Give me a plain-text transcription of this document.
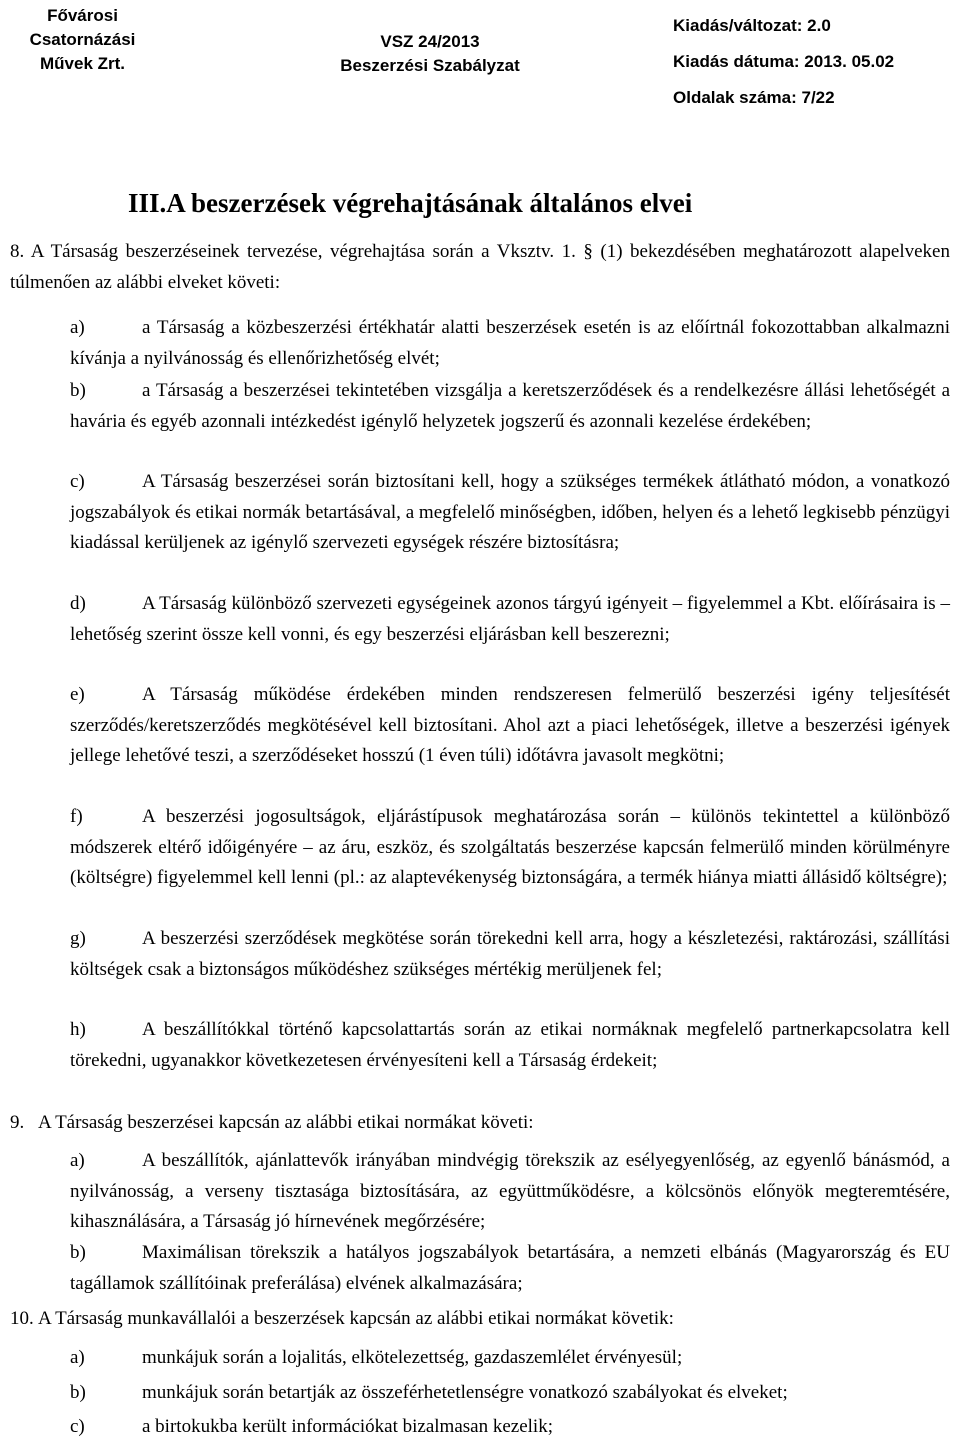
Fővárosi
Csatornázási
Művek Zrt.
VSZ 24/2013
Beszerzési Szabályzat
Kiadás/változat: 2.0
Kiadás dátuma: 2013. 05.02
Oldalak száma: 7/22
III.A beszerzések végrehajtásának általános elvei
8. A Társaság beszerzéseinek tervezése, végrehajtása során a Vksztv. 1. § (1) bekezdésében meghatározott alapelveken túlmenően az alábbi elveket követi:
a)	a Társaság a közbeszerzési értékhatár alatti beszerzések esetén is az előírtnál fokozottabban alkalmazni kívánja a nyilvánosság és ellenőrizhetőség elvét;
b)	a Társaság a beszerzései tekintetében vizsgálja a keretszerződések és a rendelkezésre állási lehetőségét a havária és egyéb azonnali intézkedést igénylő helyzetek jogszerű és azonnali kezelése érdekében;
c)	A Társaság beszerzései során biztosítani kell, hogy a szükséges termékek átlátható módon, a vonatkozó jogszabályok és etikai normák betartásával, a megfelelő minőségben, időben, helyen és a lehető legkisebb pénzügyi kiadással kerüljenek az igénylő szervezeti egységek részére biztosításra;
d)	A Társaság különböző szervezeti egységeinek azonos tárgyú igényeit – figyelemmel a Kbt. előírásaira is – lehetőség szerint össze kell vonni, és egy beszerzési eljárásban kell beszerezni;
e)	A Társaság működése érdekében minden rendszeresen felmerülő beszerzési igény teljesítését szerződés/keretszerződés megkötésével kell biztosítani. Ahol azt a piaci lehetőségek, illetve a beszerzési igények jellege lehetővé teszi, a szerződéseket hosszú (1 éven túli) időtávra javasolt megkötni;
f)	A beszerzési jogosultságok, eljárástípusok meghatározása során – különös tekintettel a különböző módszerek eltérő időigényére – az áru, eszköz, és szolgáltatás beszerzése kapcsán felmerülő minden körülményre (költségre) figyelemmel kell lenni (pl.: az alaptevékenység biztonságára, a termék hiánya miatti állásidő költségre);
g)	A beszerzési szerződések megkötése során törekedni kell arra, hogy a készletezési, raktározási, szállítási költségek csak a biztonságos működéshez szükséges mértékig merüljenek fel;
h)	A beszállítókkal történő kapcsolattartás során az etikai normáknak megfelelő partnerkapcsolatra kell törekedni, ugyanakkor következetesen érvényesíteni kell a Társaság érdekeit;
9. A Társaság beszerzései kapcsán az alábbi etikai normákat követi:
a)	A beszállítók, ajánlattevők irányában mindvégig törekszik az esélyegyenlőség, az egyenlő bánásmód, a nyilvánosság, a verseny tisztasága biztosítására, az együttműködésre, a kölcsönös előnyök megteremtésére, kihasználására, a Társaság jó hírnevének megőrzésére;
b)	Maximálisan törekszik a hatályos jogszabályok betartására, a nemzeti elbánás (Magyarország és EU tagállamok szállítóinak preferálása) elvének alkalmazására;
10. A Társaság munkavállalói a beszerzések kapcsán az alábbi etikai normákat követik:
a)	munkájuk során a lojalitás, elkötelezettség, gazdaszemlélet érvényesül;
b)	munkájuk során betartják az összeférhetetlenségre vonatkozó szabályokat és elveket;
c)	a birtokukba került információkat bizalmasan kezelik;
